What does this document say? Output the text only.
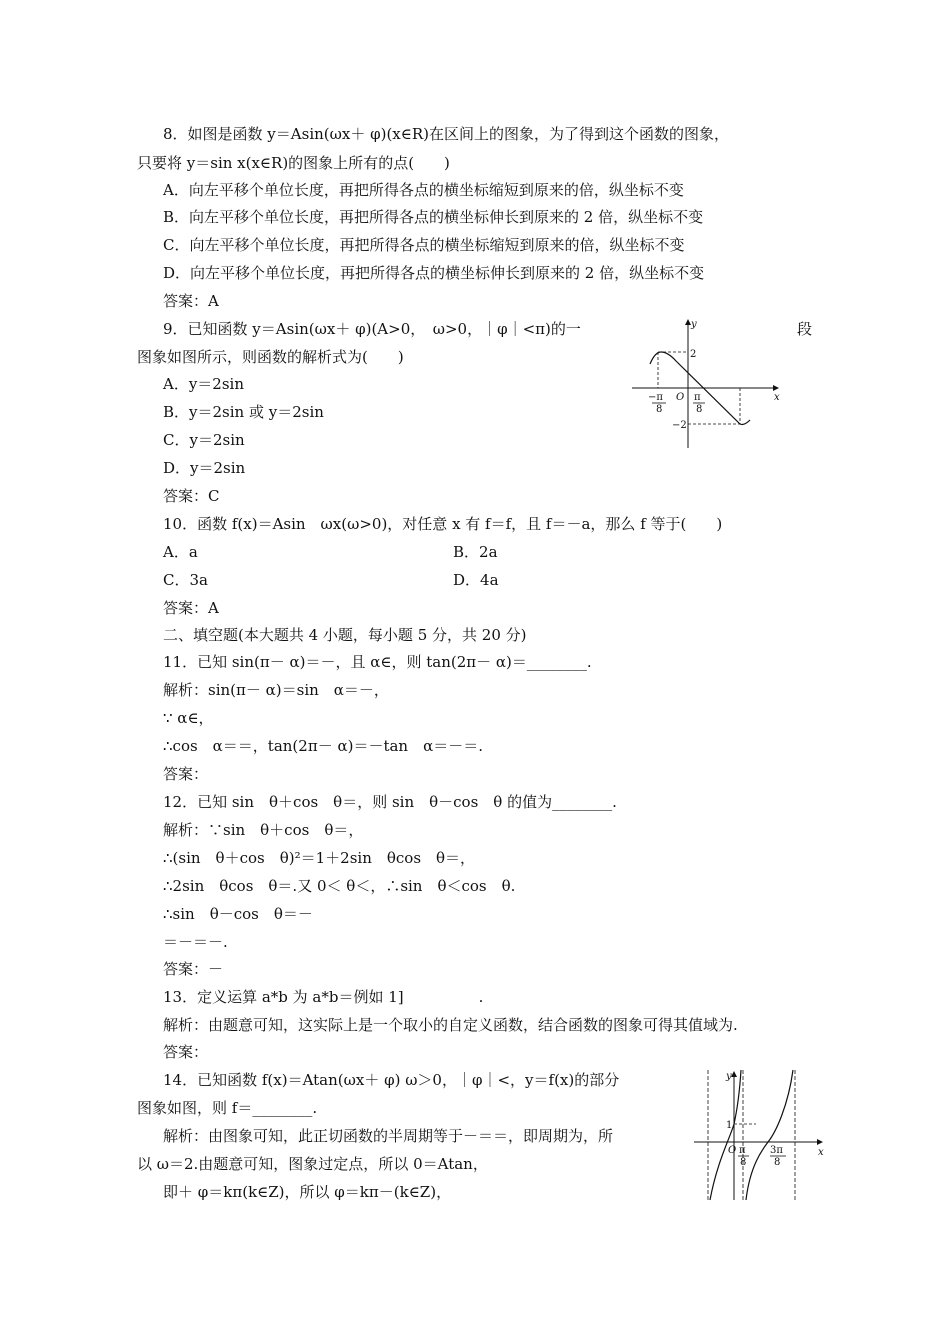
8．如图是函数 y＝Asin(ωx＋ φ)(x∈R)在区间上的图象，为了得到这个函数的图象，
只要将 y＝sin x(x∈R)的图象上所有的点(　　)
A．向左平移个单位长度，再把所得各点的横坐标缩短到原来的倍，纵坐标不变
B．向左平移个单位长度，再把所得各点的横坐标伸长到原来的 2 倍，纵坐标不变
C．向左平移个单位长度，再把所得各点的横坐标缩短到原来的倍，纵坐标不变
D．向左平移个单位长度，再把所得各点的横坐标伸长到原来的 2 倍，纵坐标不变
答案：A
9．已知函数 y＝Asin(ωx＋ φ)(A>0，　ω>0，｜φ｜<π)的一	段
图象如图所示，则函数的解析式为(　　)
A．y＝2sin
B．y＝2sin 或 y＝2sin
C．y＝2sin
D．y＝2sin
答案：C
y
x
2
−2
O
−π
8
π
8
10．函数 f(x)＝Asin　ωx(ω>0)，对任意 x 有 f＝f，且 f＝－a，那么 f 等于(　　)
A．a	B．2a
C．3a	D．4a
答案：A
二、填空题(本大题共 4 小题，每小题 5 分，共 20 分)
11．已知 sin(π－ α)＝－，且 α∈，则 tan(2π－ α)＝________.
解析：sin(π－ α)＝sin　α＝－，
∵ α∈，
∴cos　α＝＝，tan(2π－ α)＝－tan　α＝－＝.
答案：
12．已知 sin　θ＋cos　θ＝，则 sin　θ－cos　θ 的值为________.
解析：∵sin　θ＋cos　θ＝，
∴(sin　θ＋cos　θ)²＝1＋2sin　θcos　θ＝，
∴2sin　θcos　θ＝.又 0＜ θ＜，∴sin　θ＜cos　θ.
∴sin　θ－cos　θ＝－
＝－＝－.
答案：－
13．定义运算 a*b 为 a*b＝例如 1]　　　　　.
解析：由题意可知，这实际上是一个取小的自定义函数，结合函数的图象可得其值域为.
答案：
14．已知函数 f(x)＝Atan(ωx＋ φ) ω＞0，｜φ｜<，y＝f(x)的部分
图象如图，则 f＝________.
解析：由图象可知，此正切函数的半周期等于－＝＝，即周期为，所
以 ω＝2.由题意可知，图象过定点，所以 0＝Atan，
即＋ φ＝kπ(k∈Z)，所以 φ＝kπ－(k∈Z)，
y
x
1
O π
8
3π
8
